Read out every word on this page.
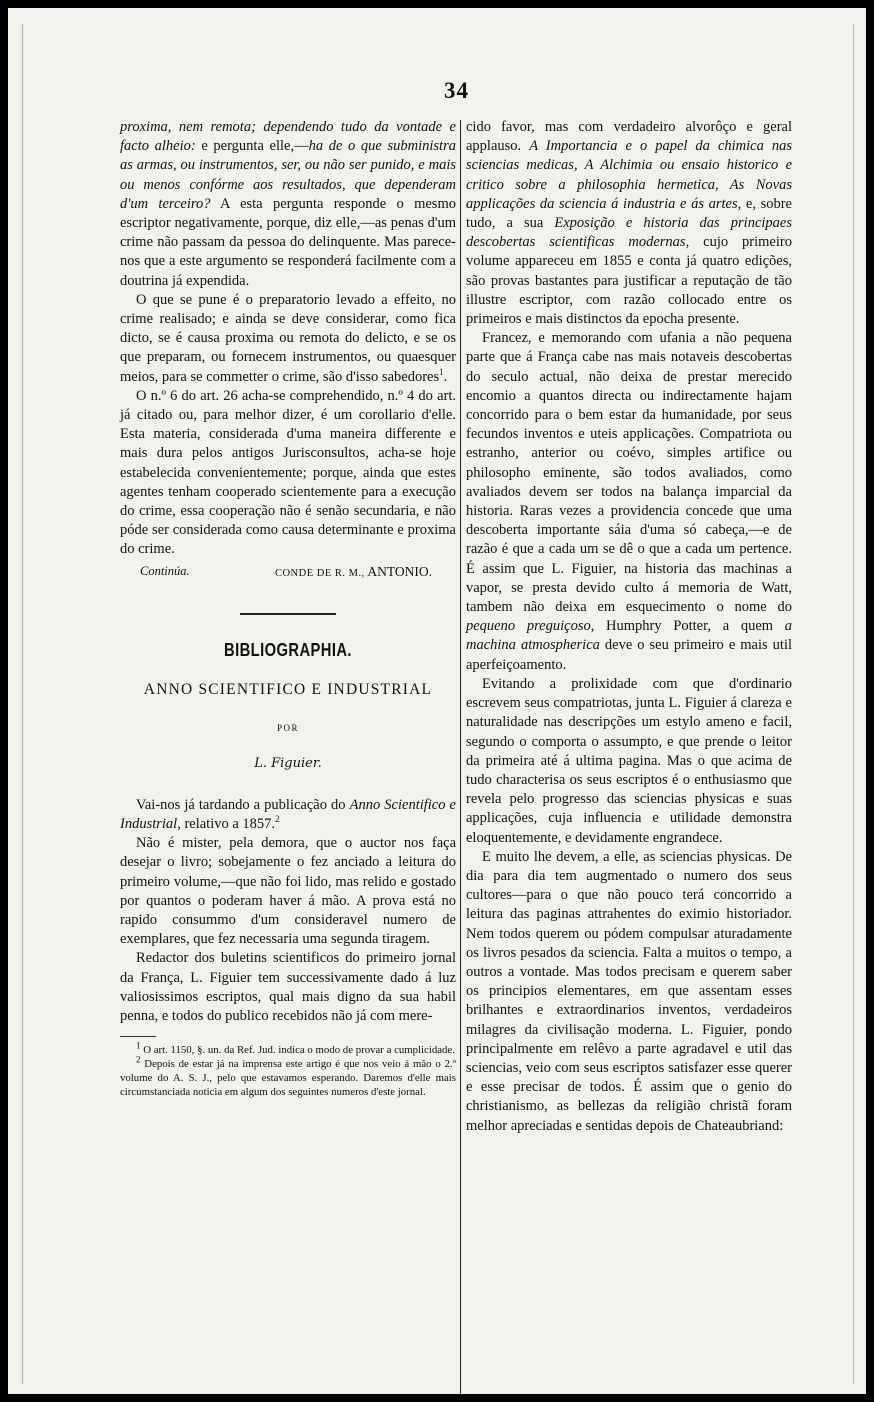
34

proxima, nem remota; dependendo tudo da vontade e facto alheio: e pergunta elle,—ha de o que subministra as armas, ou instrumentos, ser, ou não ser punido, e mais ou menos confórme aos resultados, que dependeram d'um terceiro? A esta pergunta responde o mesmo escriptor negativamente, porque, diz elle,—as penas d'um crime não passam da pessoa do delinquente. Mas parece-nos que a este argumento se responderá facilmente com a doutrina já expendida.

O que se pune é o preparatorio levado a effeito, no crime realisado; e ainda se deve considerar, como fica dicto, se é causa proxima ou remota do delicto, e se os que preparam, ou fornecem instrumentos, ou quaesquer meios, para se commetter o crime, são d'isso sabedores$^1$.

O n.º 6 do art. 26 acha-se comprehendido, n.º 4 do art. já citado ou, para melhor dizer, é um corollario d'elle. Esta materia, considerada d'uma maneira differente e mais dura pelos antigos Jurisconsultos, acha-se hoje estabelecida convenientemente; porque, ainda que estes agentes tenham cooperado scientemente para a execução do crime, essa cooperação não é senão secundaria, e não póde ser considerada como causa determinante e proxima do crime.

Continúa.	CONDE DE R. M., ANTONIO.
BIBLIOGRAPHIA.
ANNO SCIENTIFICO E INDUSTRIAL
POR
L. Figuier.

Vai-nos já tardando a publicação do Anno Scientifico e Industrial, relativo a 1857.$^2$

Não é mister, pela demora, que o auctor nos faça desejar o livro; sobejamente o fez anciado a leitura do primeiro volume,—que não foi lido, mas relido e gostado por quantos o poderam haver á mão. A prova está no rapido consummo d'um consideravel numero de exemplares, que fez necessaria uma segunda tiragem.

Redactor dos buletins scientificos do primeiro jornal da França, L. Figuier tem successivamente dado á luz valiosissimos escriptos, qual mais digno da sua habil penna, e todos do publico recebidos não já com mere-

$^1$ O art. 1150, §. un. da Ref. Jud. indica o modo de provar a cumplicidade.

$^2$ Depois de estar já na imprensa este artigo é que nos veio á mão o 2.º volume do A. S. J., pelo que estavamos esperando. Daremos d'elle mais circumstanciada noticia em algum dos seguintes numeros d'este jornal.

cido favor, mas com verdadeiro alvorôço e geral applauso. A Importancia e o papel da chimica nas sciencias medicas, A Alchimia ou ensaio historico e critico sobre a philosophia hermetica, As Novas applicações da sciencia á industria e ás artes, e, sobre tudo, a sua Exposição e historia das principaes descobertas scientificas modernas, cujo primeiro volume appareceu em 1855 e conta já quatro edições, são provas bastantes para justificar a reputação de tão illustre escriptor, com razão collocado entre os primeiros e mais distinctos da epocha presente.

Francez, e memorando com ufania a não pequena parte que á França cabe nas mais notaveis descobertas do seculo actual, não deixa de prestar merecido encomio a quantos directa ou indirectamente hajam concorrido para o bem estar da humanidade, por seus fecundos inventos e uteis applicações. Compatriota ou estranho, anterior ou coévo, simples artifice ou philosopho eminente, são todos avaliados, como avaliados devem ser todos na balança imparcial da historia. Raras vezes a providencia concede que uma descoberta importante sáia d'uma só cabeça,—e de razão é que a cada um se dê o que a cada um pertence. É assim que L. Figuier, na historia das machinas a vapor, se presta devido culto á memoria de Watt, tambem não deixa em esquecimento o nome do pequeno preguiçoso, Humphry Potter, a quem a machina atmospherica deve o seu primeiro e mais util aperfeiçoamento.

Evitando a prolixidade com que d'ordinario escrevem seus compatriotas, junta L. Figuier á clareza e naturalidade nas descripções um estylo ameno e facil, segundo o comporta o assumpto, e que prende o leitor da primeira até á ultima pagina. Mas o que acima de tudo characterisa os seus escriptos é o enthusiasmo que revela pelo progresso das sciencias physicas e suas applicações, cuja influencia e utilidade demonstra eloquentemente, e devidamente engrandece.

E muito lhe devem, a elle, as sciencias physicas. De dia para dia tem augmentado o numero dos seus cultores—para o que não pouco terá concorrido a leitura das paginas attrahentes do eximio historiador. Nem todos querem ou pódem compulsar aturadamente os livros pesados da sciencia. Falta a muitos o tempo, a outros a vontade. Mas todos precisam e querem saber os principios elementares, em que assentam esses brilhantes e extraordinarios inventos, verdadeiros milagres da civilisação moderna. L. Figuier, pondo principalmente em relêvo a parte agradavel e util das sciencias, veio com seus escriptos satisfazer esse querer e esse precisar de todos. É assim que o genio do christianismo, as bellezas da religião christã foram melhor apreciadas e sentidas depois de Chateaubriand:
